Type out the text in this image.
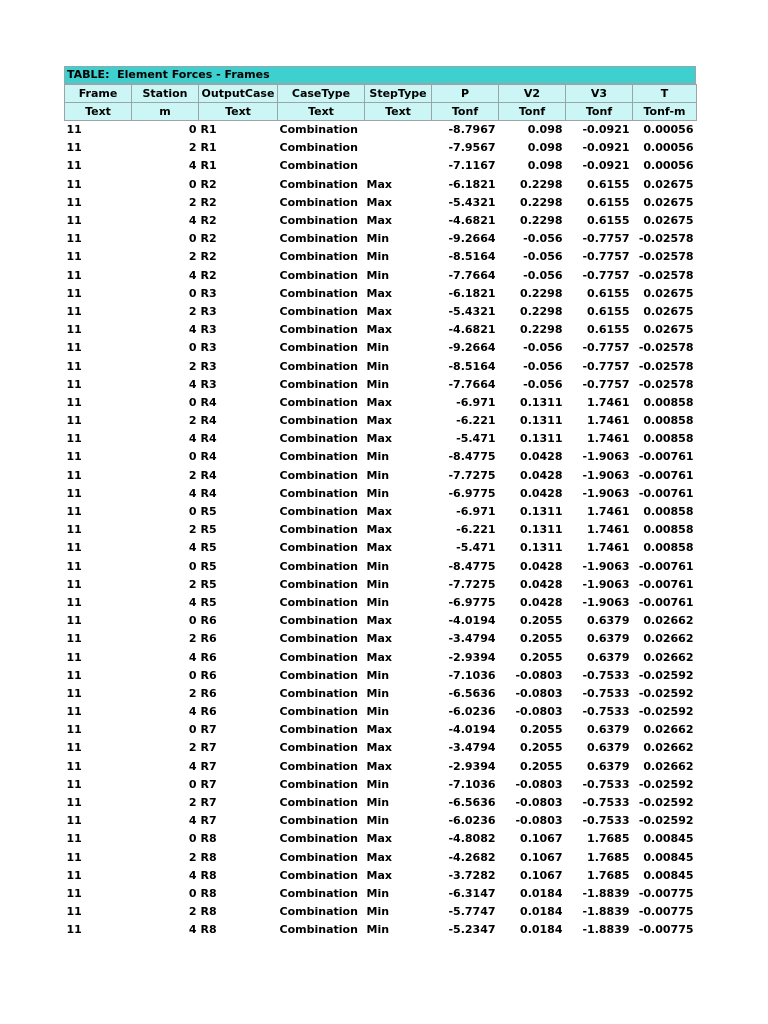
TABLE:  Element Forces - Frames
Frame	Station	OutputCase	CaseType	StepType	P	V2	V3	T
Text	m	Text	Text	Text	Tonf	Tonf	Tonf	Tonf-m
11	0	R1	Combination		-8.7967	0.098	-0.0921	0.00056
11	2	R1	Combination		-7.9567	0.098	-0.0921	0.00056
11	4	R1	Combination		-7.1167	0.098	-0.0921	0.00056
11	0	R2	Combination	Max	-6.1821	0.2298	0.6155	0.02675
11	2	R2	Combination	Max	-5.4321	0.2298	0.6155	0.02675
11	4	R2	Combination	Max	-4.6821	0.2298	0.6155	0.02675
11	0	R2	Combination	Min	-9.2664	-0.056	-0.7757	-0.02578
11	2	R2	Combination	Min	-8.5164	-0.056	-0.7757	-0.02578
11	4	R2	Combination	Min	-7.7664	-0.056	-0.7757	-0.02578
11	0	R3	Combination	Max	-6.1821	0.2298	0.6155	0.02675
11	2	R3	Combination	Max	-5.4321	0.2298	0.6155	0.02675
11	4	R3	Combination	Max	-4.6821	0.2298	0.6155	0.02675
11	0	R3	Combination	Min	-9.2664	-0.056	-0.7757	-0.02578
11	2	R3	Combination	Min	-8.5164	-0.056	-0.7757	-0.02578
11	4	R3	Combination	Min	-7.7664	-0.056	-0.7757	-0.02578
11	0	R4	Combination	Max	-6.971	0.1311	1.7461	0.00858
11	2	R4	Combination	Max	-6.221	0.1311	1.7461	0.00858
11	4	R4	Combination	Max	-5.471	0.1311	1.7461	0.00858
11	0	R4	Combination	Min	-8.4775	0.0428	-1.9063	-0.00761
11	2	R4	Combination	Min	-7.7275	0.0428	-1.9063	-0.00761
11	4	R4	Combination	Min	-6.9775	0.0428	-1.9063	-0.00761
11	0	R5	Combination	Max	-6.971	0.1311	1.7461	0.00858
11	2	R5	Combination	Max	-6.221	0.1311	1.7461	0.00858
11	4	R5	Combination	Max	-5.471	0.1311	1.7461	0.00858
11	0	R5	Combination	Min	-8.4775	0.0428	-1.9063	-0.00761
11	2	R5	Combination	Min	-7.7275	0.0428	-1.9063	-0.00761
11	4	R5	Combination	Min	-6.9775	0.0428	-1.9063	-0.00761
11	0	R6	Combination	Max	-4.0194	0.2055	0.6379	0.02662
11	2	R6	Combination	Max	-3.4794	0.2055	0.6379	0.02662
11	4	R6	Combination	Max	-2.9394	0.2055	0.6379	0.02662
11	0	R6	Combination	Min	-7.1036	-0.0803	-0.7533	-0.02592
11	2	R6	Combination	Min	-6.5636	-0.0803	-0.7533	-0.02592
11	4	R6	Combination	Min	-6.0236	-0.0803	-0.7533	-0.02592
11	0	R7	Combination	Max	-4.0194	0.2055	0.6379	0.02662
11	2	R7	Combination	Max	-3.4794	0.2055	0.6379	0.02662
11	4	R7	Combination	Max	-2.9394	0.2055	0.6379	0.02662
11	0	R7	Combination	Min	-7.1036	-0.0803	-0.7533	-0.02592
11	2	R7	Combination	Min	-6.5636	-0.0803	-0.7533	-0.02592
11	4	R7	Combination	Min	-6.0236	-0.0803	-0.7533	-0.02592
11	0	R8	Combination	Max	-4.8082	0.1067	1.7685	0.00845
11	2	R8	Combination	Max	-4.2682	0.1067	1.7685	0.00845
11	4	R8	Combination	Max	-3.7282	0.1067	1.7685	0.00845
11	0	R8	Combination	Min	-6.3147	0.0184	-1.8839	-0.00775
11	2	R8	Combination	Min	-5.7747	0.0184	-1.8839	-0.00775
11	4	R8	Combination	Min	-5.2347	0.0184	-1.8839	-0.00775
